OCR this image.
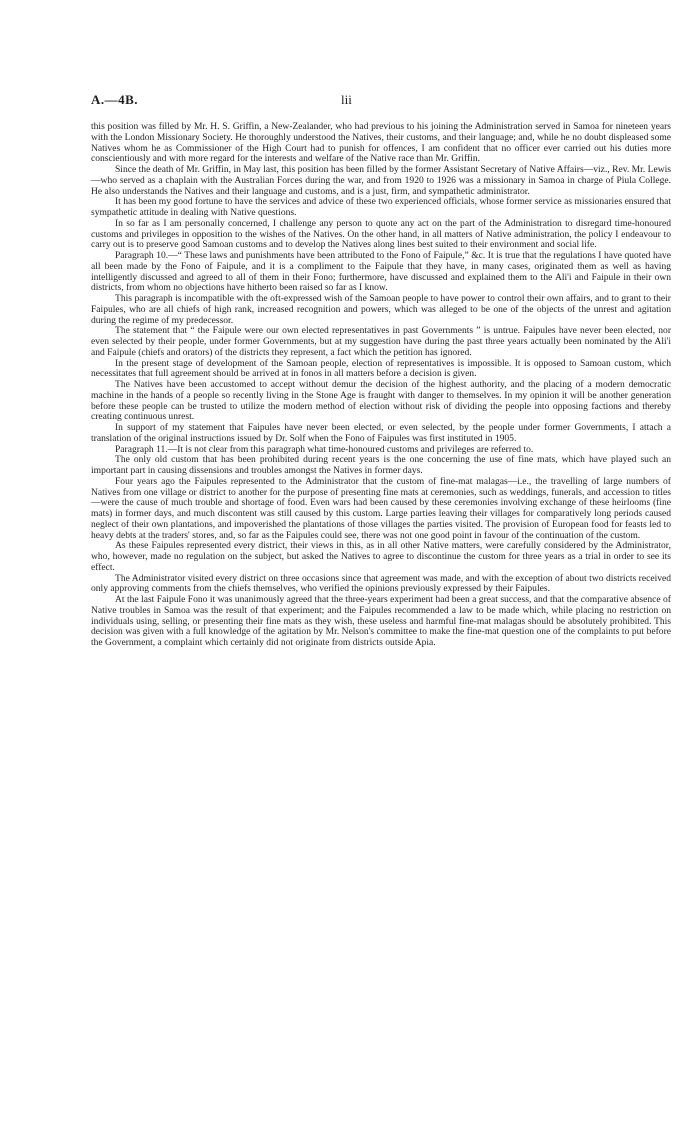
A.—4B.	lii

this position was filled by Mr. H. S. Griffin, a New-Zealander, who had previous to his joining the Administration served in Samoa for nineteen years with the London Missionary Society. He thoroughly understood the Natives, their customs, and their language; and, while he no doubt displeased some Natives whom he as Commissioner of the High Court had to punish for offences, I am confident that no officer ever carried out his duties more conscientiously and with more regard for the interests and welfare of the Native race than Mr. Griffin.

Since the death of Mr. Griffin, in May last, this position has been filled by the former Assistant Secretary of Native Affairs—viz., Rev. Mr. Lewis—who served as a chaplain with the Australian Forces during the war, and from 1920 to 1926 was a missionary in Samoa in charge of Piula College. He also understands the Natives and their language and customs, and is a just, firm, and sympathetic administrator.

It has been my good fortune to have the services and advice of these two experienced officials, whose former service as missionaries ensured that sympathetic attitude in dealing with Native questions.

In so far as I am personally concerned, I challenge any person to quote any act on the part of the Administration to disregard time-honoured customs and privileges in opposition to the wishes of the Natives. On the other hand, in all matters of Native administration, the policy I endeavour to carry out is to preserve good Samoan customs and to develop the Natives along lines best suited to their environment and social life.

Paragraph 10.—“ These laws and punishments have been attributed to the Fono of Faipule,” &c. It is true that the regulations I have quoted have all been made by the Fono of Faipule, and it is a compliment to the Faipule that they have, in many cases, originated them as well as having intelligently discussed and agreed to all of them in their Fono; furthermore, have discussed and explained them to the Ali'i and Faipule in their own districts, from whom no objections have hitherto been raised so far as I know.

This paragraph is incompatible with the oft-expressed wish of the Samoan people to have power to control their own affairs, and to grant to their Faipules, who are all chiefs of high rank, increased recognition and powers, which was alleged to be one of the objects of the unrest and agitation during the regime of my predecessor.

The statement that “ the Faipule were our own elected representatives in past Governments ” is untrue. Faipules have never been elected, nor even selected by their people, under former Governments, but at my suggestion have during the past three years actually been nominated by the Ali'i and Faipule (chiefs and orators) of the districts they represent, a fact which the petition has ignored.

In the present stage of development of the Samoan people, election of representatives is impossible. It is opposed to Samoan custom, which necessitates that full agreement should be arrived at in fonos in all matters before a decision is given.

The Natives have been accustomed to accept without demur the decision of the highest authority, and the placing of a modern democratic machine in the hands of a people so recently living in the Stone Age is fraught with danger to themselves. In my opinion it will be another generation before these people can be trusted to utilize the modern method of election without risk of dividing the people into opposing factions and thereby creating continuous unrest.

In support of my statement that Faipules have never been elected, or even selected, by the people under former Governments, I attach a translation of the original instructions issued by Dr. Solf when the Fono of Faipules was first instituted in 1905.

Paragraph 11.—It is not clear from this paragraph what time-honoured customs and privileges are referred to.

The only old custom that has been prohibited during recent years is the one concerning the use of fine mats, which have played such an important part in causing dissensions and troubles amongst the Natives in former days.

Four years ago the Faipules represented to the Administrator that the custom of fine-mat malagas—i.e., the travelling of large numbers of Natives from one village or district to another for the purpose of presenting fine mats at ceremonies, such as weddings, funerals, and accession to titles—were the cause of much trouble and shortage of food. Even wars had been caused by these ceremonies involving exchange of these heirlooms (fine mats) in former days, and much discontent was still caused by this custom. Large parties leaving their villages for comparatively long periods caused neglect of their own plantations, and impoverished the plantations of those villages the parties visited. The provision of European food for feasts led to heavy debts at the traders' stores, and, so far as the Faipules could see, there was not one good point in favour of the continuation of the custom.

As these Faipules represented every district, their views in this, as in all other Native matters, were carefully considered by the Administrator, who, however, made no regulation on the subject, but asked the Natives to agree to discontinue the custom for three years as a trial in order to see its effect.

The Administrator visited every district on three occasions since that agreement was made, and with the exception of about two districts received only approving comments from the chiefs themselves, who verified the opinions previously expressed by their Faipules.

At the last Faipule Fono it was unanimously agreed that the three-years experiment had been a great success, and that the comparative absence of Native troubles in Samoa was the result of that experiment; and the Faipules recommended a law to be made which, while placing no restriction on individuals using, selling, or presenting their fine mats as they wish, these useless and harmful fine-mat malagas should be absolutely prohibited. This decision was given with a full knowledge of the agitation by Mr. Nelson's committee to make the fine-mat question one of the complaints to put before the Government, a complaint which certainly did not originate from districts outside Apia.
